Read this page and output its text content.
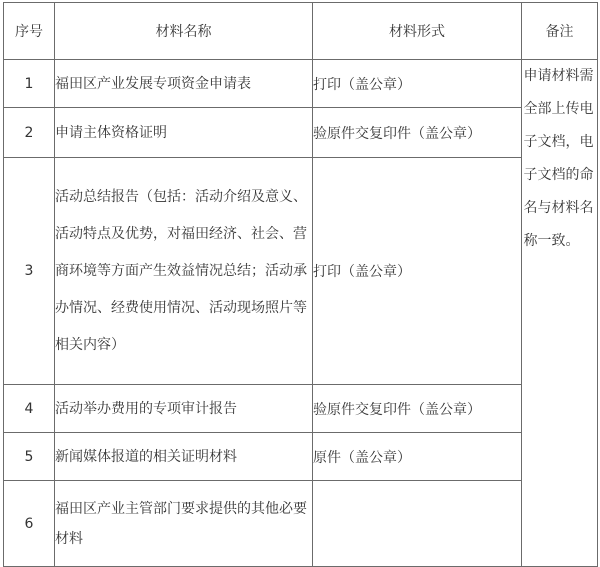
序号	材料名称	材料形式	备注
1	福田区产业发展专项资金申请表	打印（盖公章）	申请材料需全部上传电子文档，电子文档的命名与材料名称一致。

2	申请主体资格证明	验原件交复印件（盖公章）	
3	活动总结报告（包括：活动介绍及意义、活动特点及优势，对福田经济、社会、营商环境等方面产生效益情况总结；活动承办情况、经费使用情况、活动现场照片等相关内容）	打印（盖公章）	
4	活动举办费用的专项审计报告	验原件交复印件（盖公章）	
5	新闻媒体报道的相关证明材料	原件（盖公章）	
6	福田区产业主管部门要求提供的其他必要材料		
